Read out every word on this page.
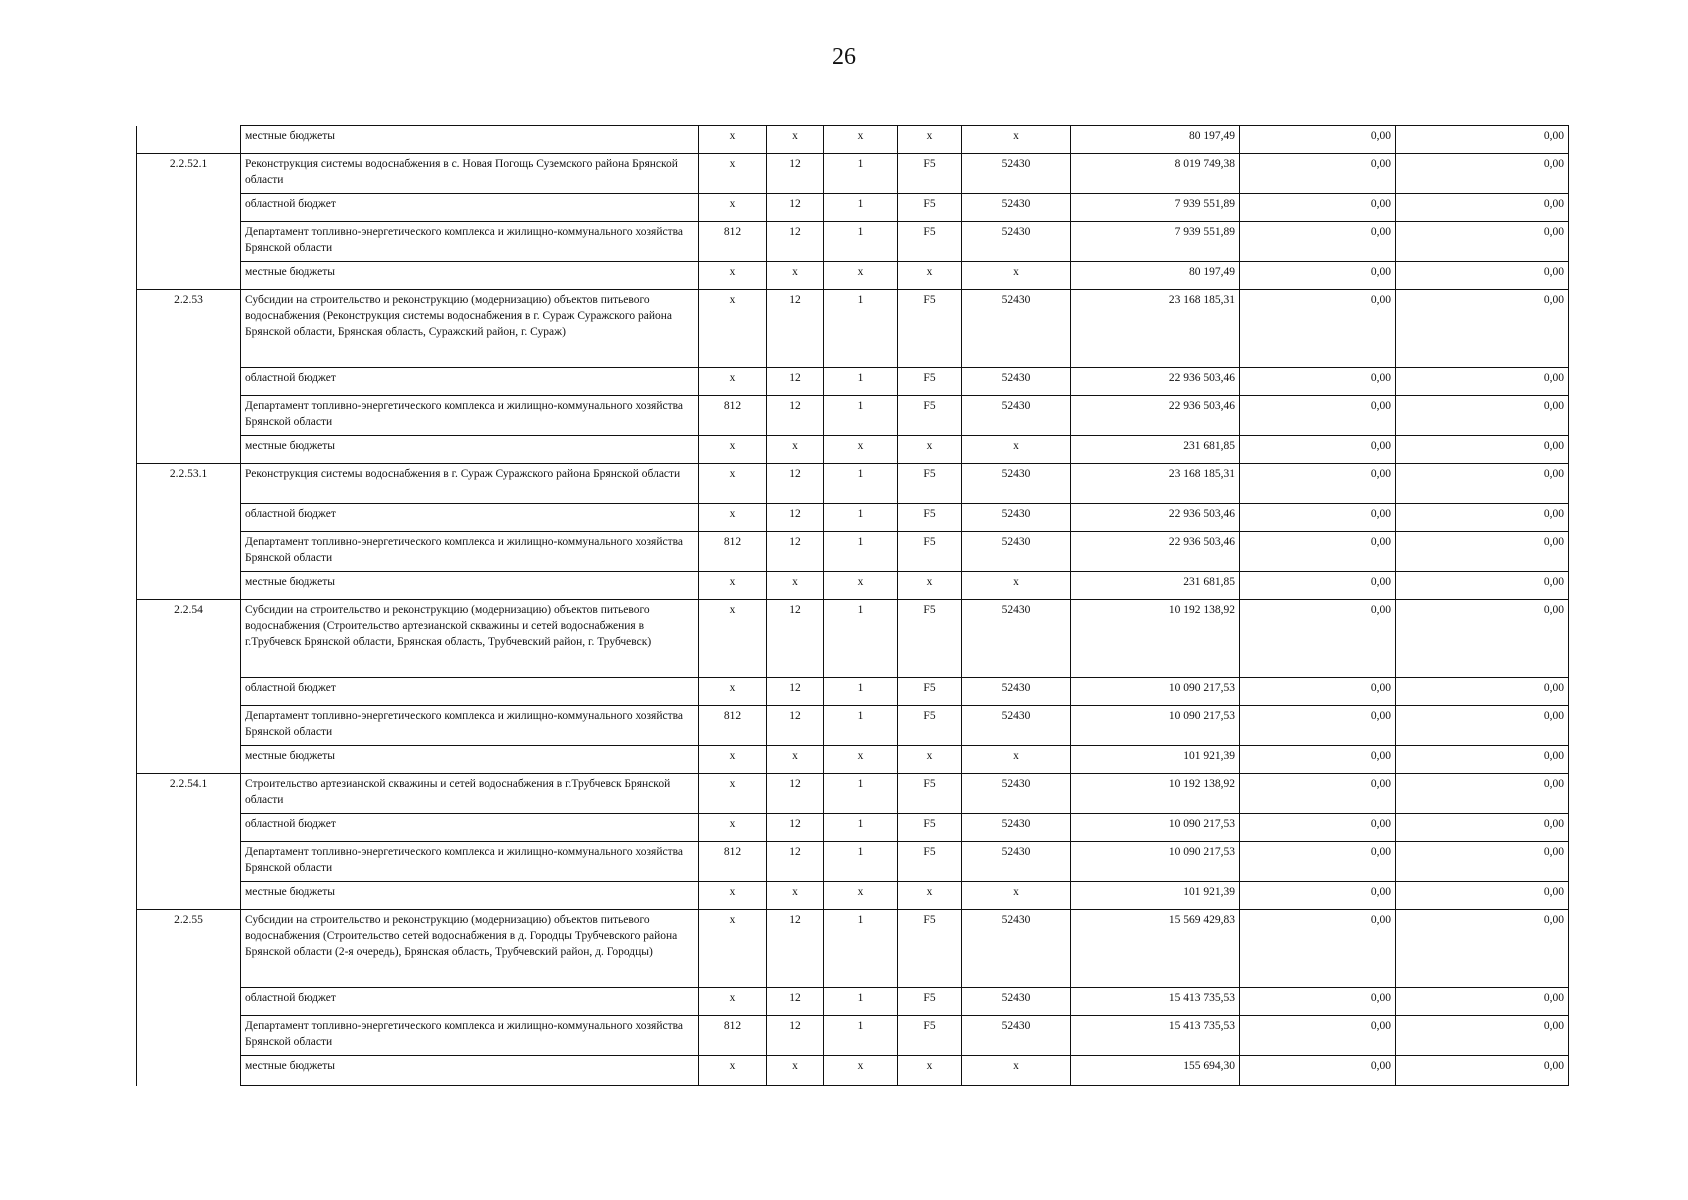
26
	местные бюджеты	x	x	x	x	x	80 197,49	0,00	0,00
2.2.52.1	Реконструкция системы водоснабжения в с. Новая Погощь Суземского района Брянской области	x	12	1	F5	52430	8 019 749,38	0,00	0,00
	областной бюджет	x	12	1	F5	52430	7 939 551,89	0,00	0,00
	Департамент топливно-энергетического комплекса и жилищно-коммунального хозяйства Брянской области	812	12	1	F5	52430	7 939 551,89	0,00	0,00
	местные бюджеты	x	x	x	x	x	80 197,49	0,00	0,00
2.2.53	Субсидии на строительство и реконструкцию (модернизацию) объектов питьевого водоснабжения (Реконструкция системы водоснабжения в г. Сураж Суражского района Брянской области, Брянская область, Суражский район, г. Сураж)	x	12	1	F5	52430	23 168 185,31	0,00	0,00
	областной бюджет	x	12	1	F5	52430	22 936 503,46	0,00	0,00
	Департамент топливно-энергетического комплекса и жилищно-коммунального хозяйства Брянской области	812	12	1	F5	52430	22 936 503,46	0,00	0,00
	местные бюджеты	x	x	x	x	x	231 681,85	0,00	0,00
2.2.53.1	Реконструкция системы водоснабжения в г. Сураж Суражского района Брянской области	x	12	1	F5	52430	23 168 185,31	0,00	0,00
	областной бюджет	x	12	1	F5	52430	22 936 503,46	0,00	0,00
	Департамент топливно-энергетического комплекса и жилищно-коммунального хозяйства Брянской области	812	12	1	F5	52430	22 936 503,46	0,00	0,00
	местные бюджеты	x	x	x	x	x	231 681,85	0,00	0,00
2.2.54	Субсидии на строительство и реконструкцию (модернизацию) объектов питьевого водоснабжения (Строительство артезианской скважины и сетей водоснабжения в г.Трубчевск Брянской области, Брянская область, Трубчевский район, г. Трубчевск)	x	12	1	F5	52430	10 192 138,92	0,00	0,00
	областной бюджет	x	12	1	F5	52430	10 090 217,53	0,00	0,00
	Департамент топливно-энергетического комплекса и жилищно-коммунального хозяйства Брянской области	812	12	1	F5	52430	10 090 217,53	0,00	0,00
	местные бюджеты	x	x	x	x	x	101 921,39	0,00	0,00
2.2.54.1	Строительство артезианской скважины и сетей водоснабжения в г.Трубчевск Брянской области	x	12	1	F5	52430	10 192 138,92	0,00	0,00
	областной бюджет	x	12	1	F5	52430	10 090 217,53	0,00	0,00
	Департамент топливно-энергетического комплекса и жилищно-коммунального хозяйства Брянской области	812	12	1	F5	52430	10 090 217,53	0,00	0,00
	местные бюджеты	x	x	x	x	x	101 921,39	0,00	0,00
2.2.55	Субсидии на строительство и реконструкцию (модернизацию) объектов питьевого водоснабжения (Строительство сетей водоснабжения в д. Городцы Трубчевского района Брянской области (2-я очередь), Брянская область, Трубчевский район, д. Городцы)	x	12	1	F5	52430	15 569 429,83	0,00	0,00
	областной бюджет	x	12	1	F5	52430	15 413 735,53	0,00	0,00
	Департамент топливно-энергетического комплекса и жилищно-коммунального хозяйства Брянской области	812	12	1	F5	52430	15 413 735,53	0,00	0,00
	местные бюджеты	x	x	x	x	x	155 694,30	0,00	0,00
